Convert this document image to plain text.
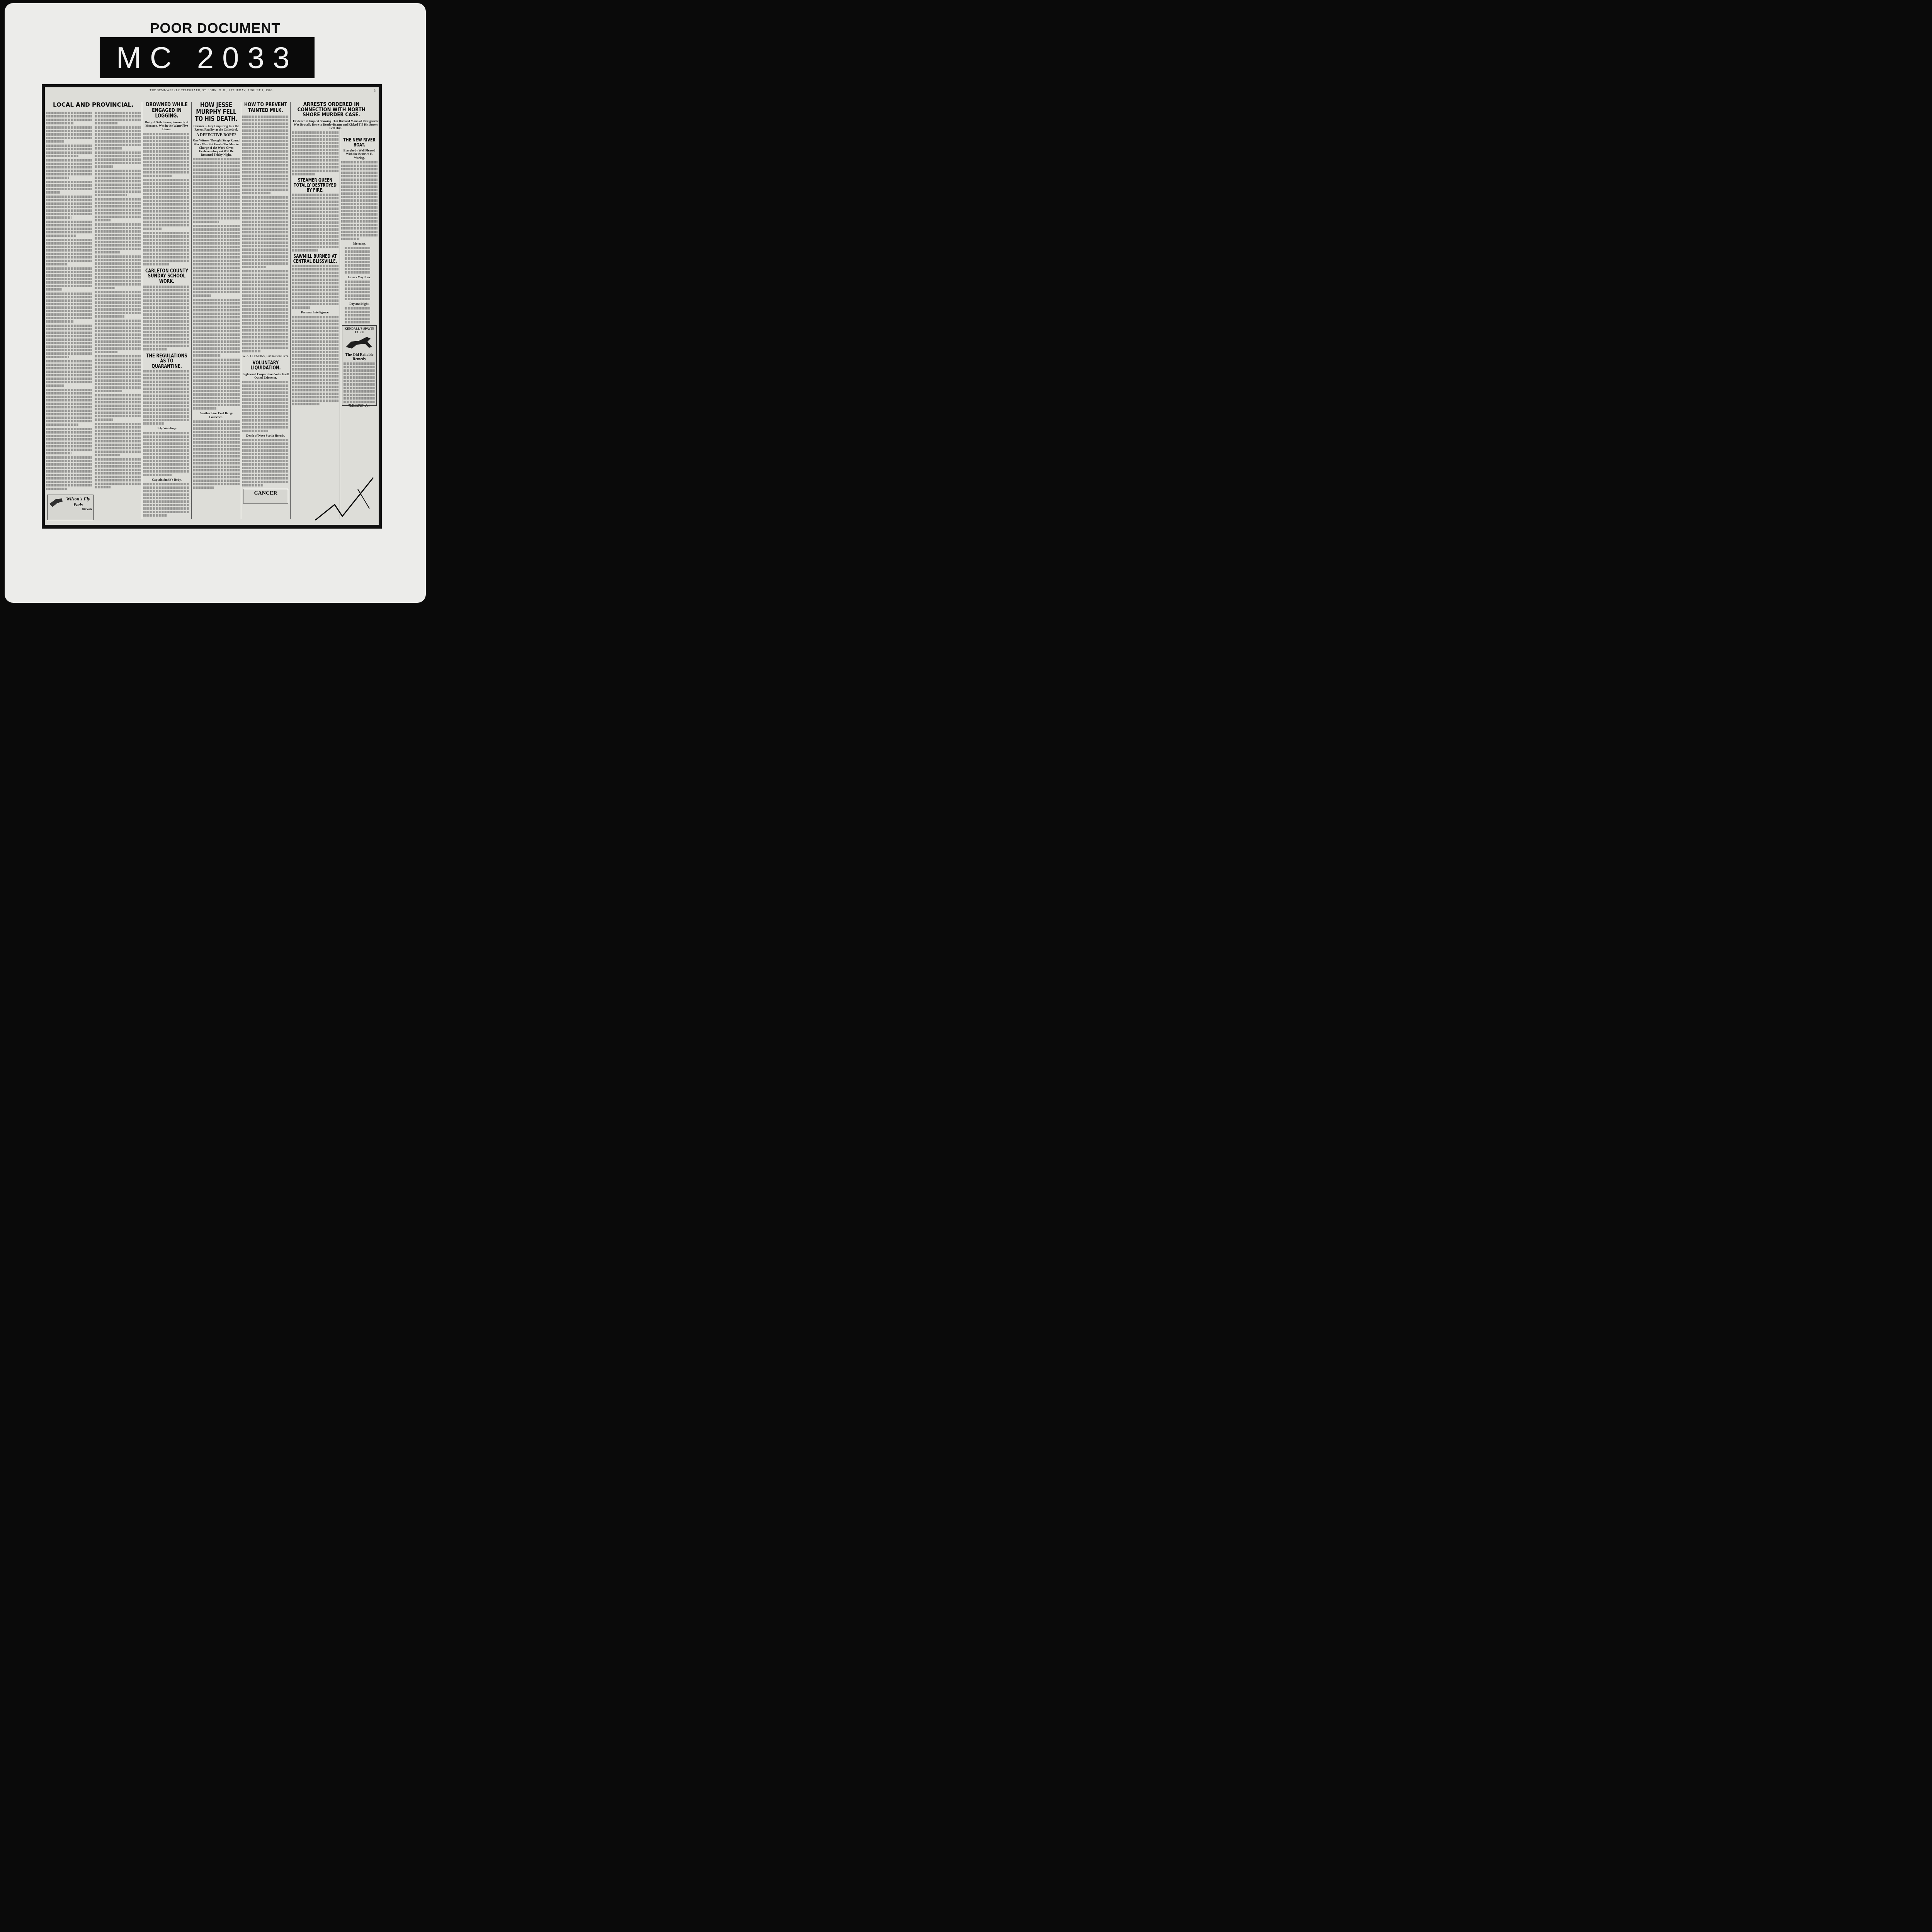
POOR DOCUMENT
MC 2033
THE SEMI-WEEKLY TELEGRAPH, ST. JOHN, N. B., SATURDAY, AUGUST 1, 1903.	3
LOCAL AND PROVINCIAL.
Wilson's Fly Pads
10 Cents
DROWNED WHILE ENGAGED IN LOGGING.
Body of Seth Steves, Formerly of Moncton, Was in the Water Five Hours.
CARLETON COUNTY SUNDAY SCHOOL WORK.
THE REGULATIONS AS TO QUARANTINE.
July Weddings
Captain Smith's Body.
HOW JESSE MURPHY FELL TO HIS DEATH.
Coroner's Jury Enquiring Into the Recent Fatality at the Cathedral.
A DEFECTIVE ROPE?
One Witness Thought Strap Round Block Was Not Good--The Man in Charge of the Work Gives Evidence--Inquest Will Be Resumed Friday Night.
Another Fine Coal Barge Launched.
HOW TO PREVENT TAINTED MILK.
W. A. CLEMONS, Publication Clerk.
VOLUNTARY LIQUIDATION.
Inglewood Corporation Votes Itself Out of Existence.
Death of Nova Scotia Hermit.
CANCER
ARRESTS ORDERED IN CONNECTION WITH NORTH SHORE MURDER CASE.
Evidence at Inquest Showing That Richard Mann of Restigouche Was Brutally Done to Death--Beaten and Kicked Till His Senses Left Him.
STEAMER QUEEN TOTALLY DESTROYED BY FIRE.
SAWMILL BURNED AT CENTRAL BLISSVILLE.
Personal Intelligence.
THE NEW RIVER BOAT.
Everybody Well Pleased With the Beatrice E. Waring.
Morning.
Lovers May Now.
Day and Night.
KENDALL'S SPAVIN CURE
The Old Reliable Remedy
DR. B. J. KENDALL CO., ENOSBURG FALLS, VT.
